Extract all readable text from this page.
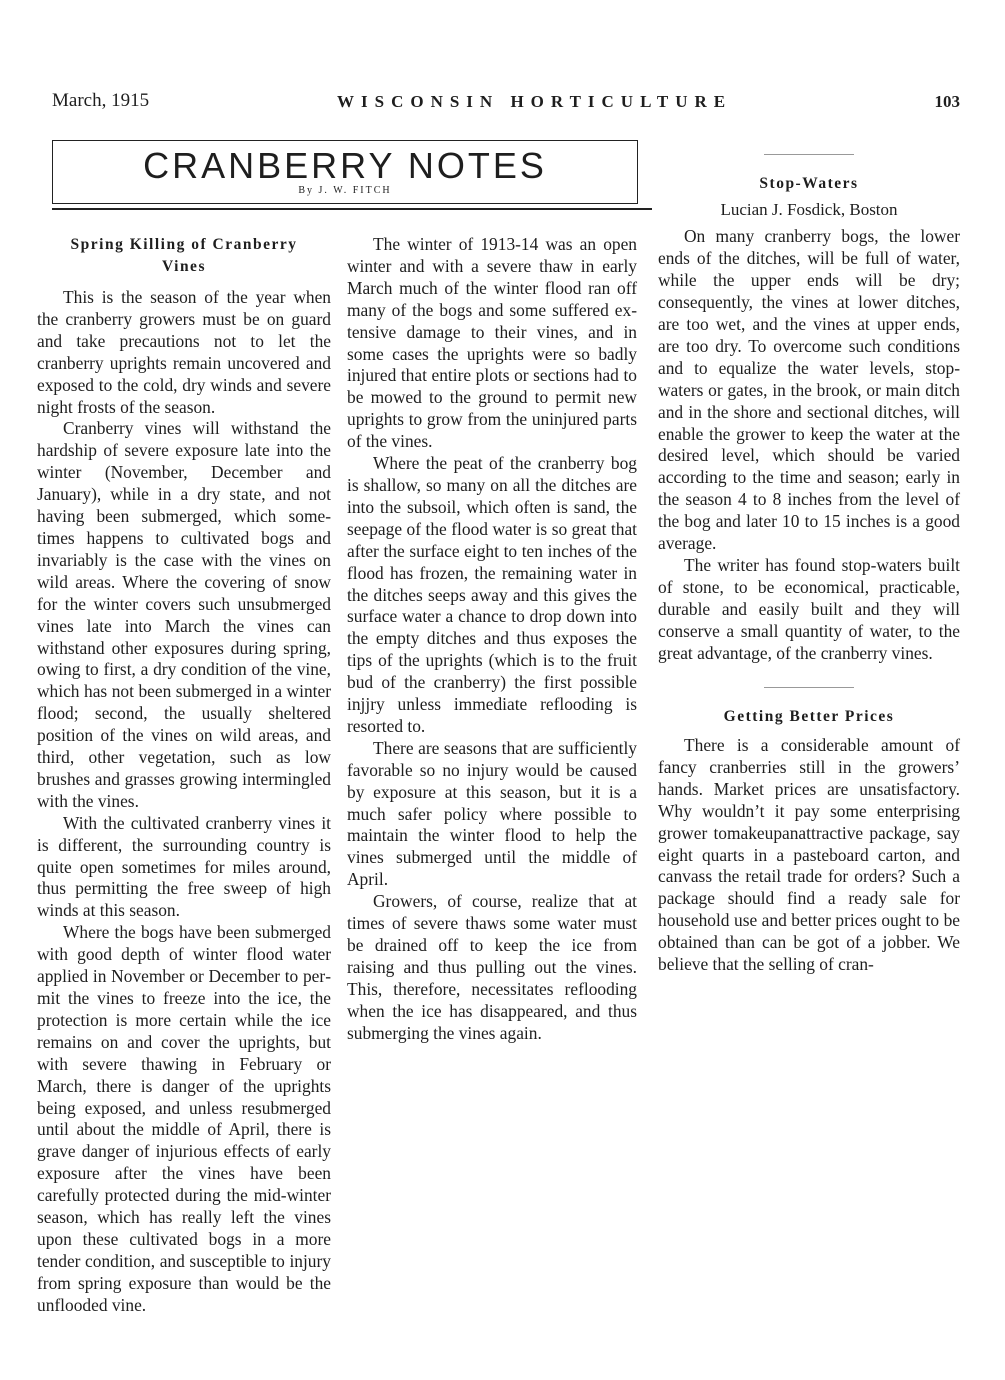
March, 1915	WISCONSIN HORTICULTURE	103
CRANBERRY NOTES
By J. W. FITCH
Spring Killing of Cranberry Vines

This is the season of the year when the cranberry growers must be on guard and take precautions not to let the cranberry uprights remain uncovered and exposed to the cold, dry winds and severe night frosts of the season.

Cranberry vines will withstand the hardship of severe exposure late into the winter (November, December and January), while in a dry state, and not having been submerged, which sometimes happens to cultivated bogs and invariably is the case with the vines on wild areas. Where the covering of snow for the winter covers such unsubmerged vines late into March the vines can withstand other exposures during spring, owing to first, a dry condition of the vine, which has not been submerged in a winter flood; second, the usually sheltered position of the vines on wild areas, and third, other vegetation, such as low brushes and grasses growing intermingled with the vines.

With the cultivated cranberry vines it is different, the surrounding country is quite open sometimes for miles around, thus permitting the free sweep of high winds at this season.

Where the bogs have been submerged with good depth of winter flood water applied in November or December to permit the vines to freeze into the ice, the protection is more certain while the ice remains on and cover the uprights, but with severe thawing in February or March, there is danger of the uprights being exposed, and unless resubmerged until about the middle of April, there is grave danger of injurious effects of early exposure after the vines have been carefully protected during the mid-winter season, which has really left the vines upon these cultivated bogs in a more tender condition, and susceptible to injury from spring exposure than would be the unflooded vine.

The winter of 1913-14 was an open winter and with a severe thaw in early March much of the winter flood ran off many of the bogs and some suffered extensive damage to their vines, and in some cases the uprights were so badly injured that entire plots or sections had to be mowed to the ground to permit new uprights to grow from the uninjured parts of the vines.

Where the peat of the cranberry bog is shallow, so many on all the ditches are into the subsoil, which often is sand, the seepage of the flood water is so great that after the surface eight to ten inches of the flood has frozen, the remaining water in the ditches seeps away and this gives the surface water a chance to drop down into the empty ditches and thus exposes the tips of the uprights (which is to the fruit bud of the cranberry) the first possible injjry unless immediate reflooding is resorted to.

There are seasons that are sufficiently favorable so no injury would be caused by exposure at this season, but it is a much safer policy where possible to maintain the winter flood to help the vines submerged until the middle of April.

Growers, of course, realize that at times of severe thaws some water must be drained off to keep the ice from raising and thus pulling out the vines. This, therefore, necessitates reflooding when the ice has disappeared, and thus submerging the vines again.

Stop-Waters
Lucian J. Fosdick, Boston

On many cranberry bogs, the lower ends of the ditches, will be full of water, while the upper ends will be dry; consequently, the vines at lower ditches, are too wet, and the vines at upper ends, are too dry. To overcome such conditions and to equalize the water levels, stop-waters or gates, in the brook, or main ditch and in the shore and sectional ditches, will enable the grower to keep the water at the desired level, which should be varied according to the time and season; early in the season 4 to 8 inches from the level of the bog and later 10 to 15 inches is a good average.

The writer has found stop-waters built of stone, to be economical, practicable, durable and easily built and they will conserve a small quantity of water, to the great advantage, of the cranberry vines.

Getting Better Prices

There is a considerable amount of fancy cranberries still in the growers’ hands. Market prices are unsatisfactory. Why wouldn’t it pay some enterprising grower tomakeupanattractive package, say eight quarts in a pasteboard carton, and canvass the retail trade for orders? Such a package should find a ready sale for household use and better prices ought to be obtained than can be got of a jobber. We believe that the selling of cran-
